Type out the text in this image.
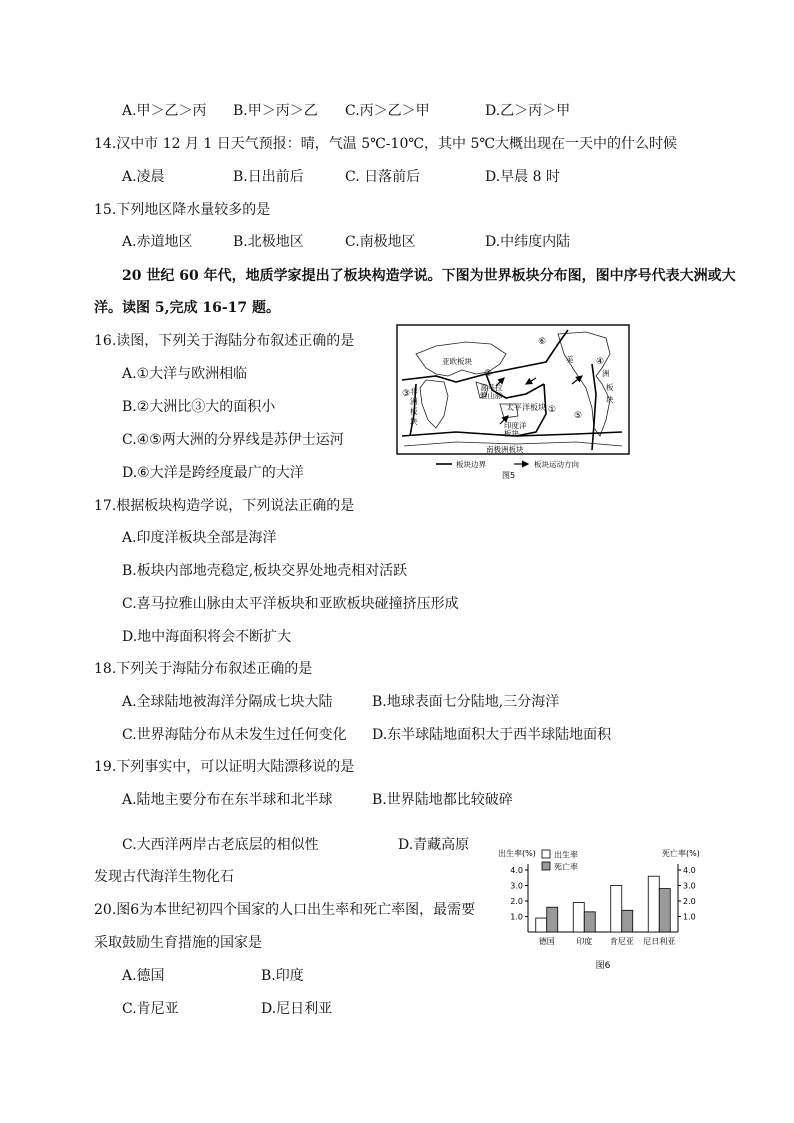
A.甲＞乙＞丙 B.甲＞丙＞乙 C.丙＞乙＞甲	D.乙＞丙＞甲
14.汉中市 12 月 1 日天气预报：晴，气温 5℃-10℃，其中 5℃大概出现在一天中的什么时候
A.凌晨	B.日出前后	C. 日落前后	D.早晨 8 时
15.下列地区降水量较多的是
A.赤道地区	B.北极地区	C.南极地区	D.中纬度内陆
20 世纪 60 年代，地质学家提出了板块构造学说。下图为世界板块分布图，图中序号代表大洲或大
洋。读图 5,完成 16-17 题。
16.读图，下列关于海陆分布叙述正确的是
A.①大洋与欧洲相临
B.②大洲比③大的面积小
C.④⑤两大洲的分界线是苏伊士运河
D.⑥大洋是跨经度最广的大洋
亚欧板块
喜马拉
雅山脉
太平洋板块
印度洋
板块
南极洲板块
非
洲
板
块
美
洲
板
块
②
③
④
⑤
⑥
①
板块边界	板块运动方向
图5
17.根据板块构造学说，下列说法正确的是
A.印度洋板块全部是海洋
B.板块内部地壳稳定,板块交界处地壳相对活跃
C.喜马拉雅山脉由太平洋板块和亚欧板块碰撞挤压形成
D.地中海面积将会不断扩大
18.下列关于海陆分布叙述正确的是
A.全球陆地被海洋分隔成七块大陆	B.地球表面七分陆地,三分海洋
C.世界海陆分布从未发生过任何变化 D.东半球陆地面积大于西半球陆地面积
19.下列事实中，可以证明大陆漂移说的是
A.陆地主要分布在东半球和北半球	B.世界陆地都比较破碎
C.大西洋两岸古老底层的相似性	D.青藏高原
发现古代海洋生物化石
20.图6为本世纪初四个国家的人口出生率和死亡率图，最需要
采取鼓励生育措施的国家是
A.德国	B.印度
C.肯尼亚	D.尼日利亚
出生率(%)	死亡率(%)
1.0	1.0
2.0	2.0
3.0	3.0
4.0	4.0
出生率
死亡率
德国	印度 肯尼亚 尼日利亚
图6
